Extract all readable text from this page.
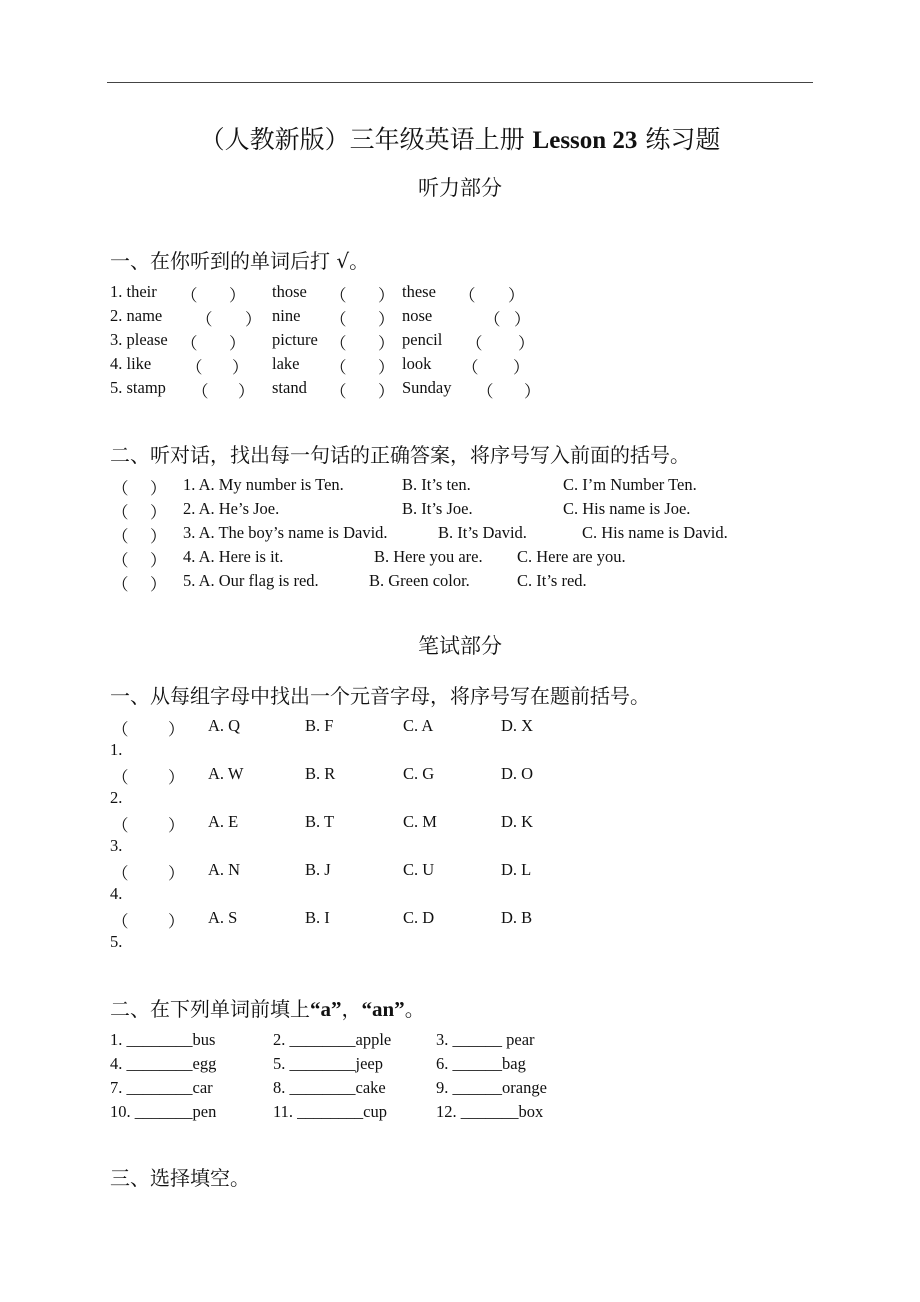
（人教新版）三年级英语上册 Lesson 23 练习题
听力部分
一、在你听到的单词后打 √。
1. their （ ） those （ ） these （ ）
2. name （ ） nine （ ） nose	（ ）
3. please （ ） picture （ ） pencil （ ）
4. like （ ） lake （ ） look （ ）
5. stamp （ ） stand （ ） Sunday （ ）
二、听对话，找出每一句话的正确答案，将序号写入前面的括号。
（ ） 1. A. My number is Ten.	B. It’s ten.	C. I’m Number Ten.
（ ） 2. A. He’s Joe.	B. It’s Joe.	C. His name is Joe.
（ ） 3. A. The boy’s name is David.	B. It’s David.	C. His name is David.
（ ） 4. A. Here is it.	B. Here you are. C. Here are you.
（ ） 5. A. Our flag is red.	B. Green color.	C. It’s red.
笔试部分
一、从每组字母中找出一个元音字母，将序号写在题前括号。
（ ） A. Q	B. F	C. A	D. X
1.
（ ） A. W	B. R	C. G	D. O
2.
（ ） A. E	B. T	C. M	D. K
3.
（ ） A. N	B. J	C. U	D. L
4.
（ ） A. S	B. I	C. D	D. B
5.
二、在下列单词前填上“a”，“an”。
1. ________bus	2. ________apple	3. ______ pear
4. ________egg	5. ________jeep	6. ______bag
7. ________car	8. ________cake	9. ______orange
10. _______pen	11. ________cup	12. _______box
三、选择填空。
